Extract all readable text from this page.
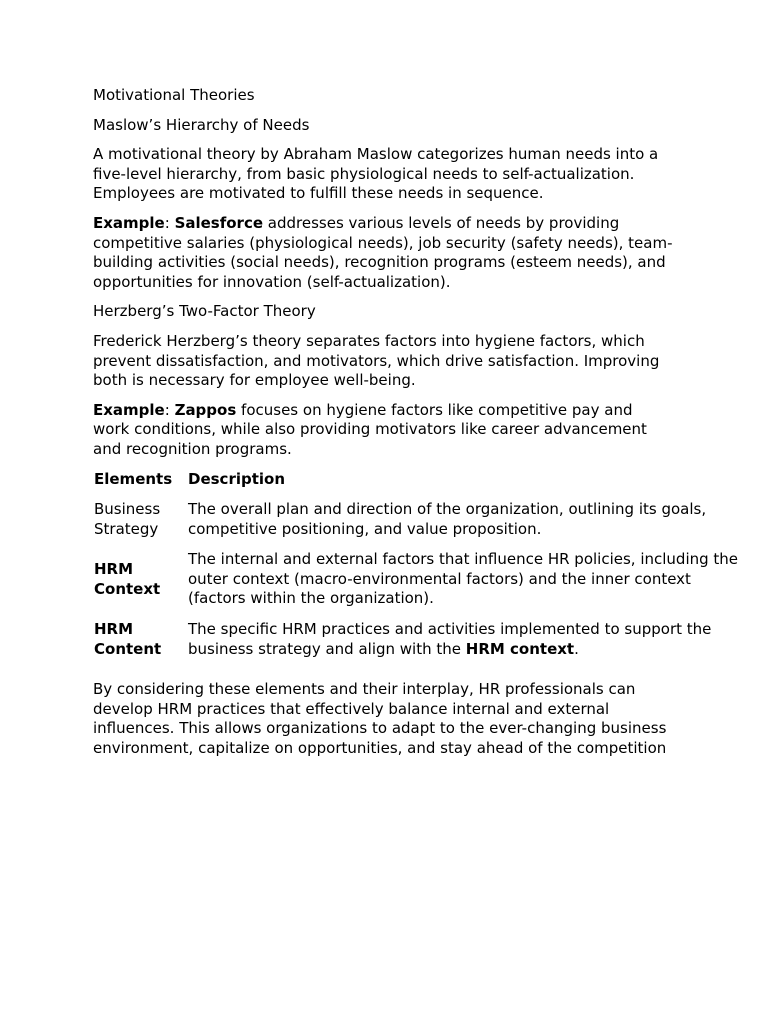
Motivational Theories
Maslow’s Hierarchy of Needs
A motivational theory by Abraham Maslow categorizes human needs into a five-level hierarchy, from basic physiological needs to self-actualization. Employees are motivated to fulfill these needs in sequence.
Example: Salesforce addresses various levels of needs by providing competitive salaries (physiological needs), job security (safety needs), team-building activities (social needs), recognition programs (esteem needs), and opportunities for innovation (self-actualization).
Herzberg’s Two-Factor Theory
Frederick Herzberg’s theory separates factors into hygiene factors, which prevent dissatisfaction, and motivators, which drive satisfaction. Improving both is necessary for employee well-being.
Example: Zappos focuses on hygiene factors like competitive pay and work conditions, while also providing motivators like career advancement and recognition programs.
Elements	Description
Business Strategy	The overall plan and direction of the organization, outlining its goals, competitive positioning, and value proposition.
HRM Context	The internal and external factors that influence HR policies, including the outer context (macro-environmental factors) and the inner context (factors within the organization).
HRM Content	The specific HRM practices and activities implemented to support the business strategy and align with the HRM context.
By considering these elements and their interplay, HR professionals can develop HRM practices that effectively balance internal and external influences. This allows organizations to adapt to the ever-changing business environment, capitalize on opportunities, and stay ahead of the competition
